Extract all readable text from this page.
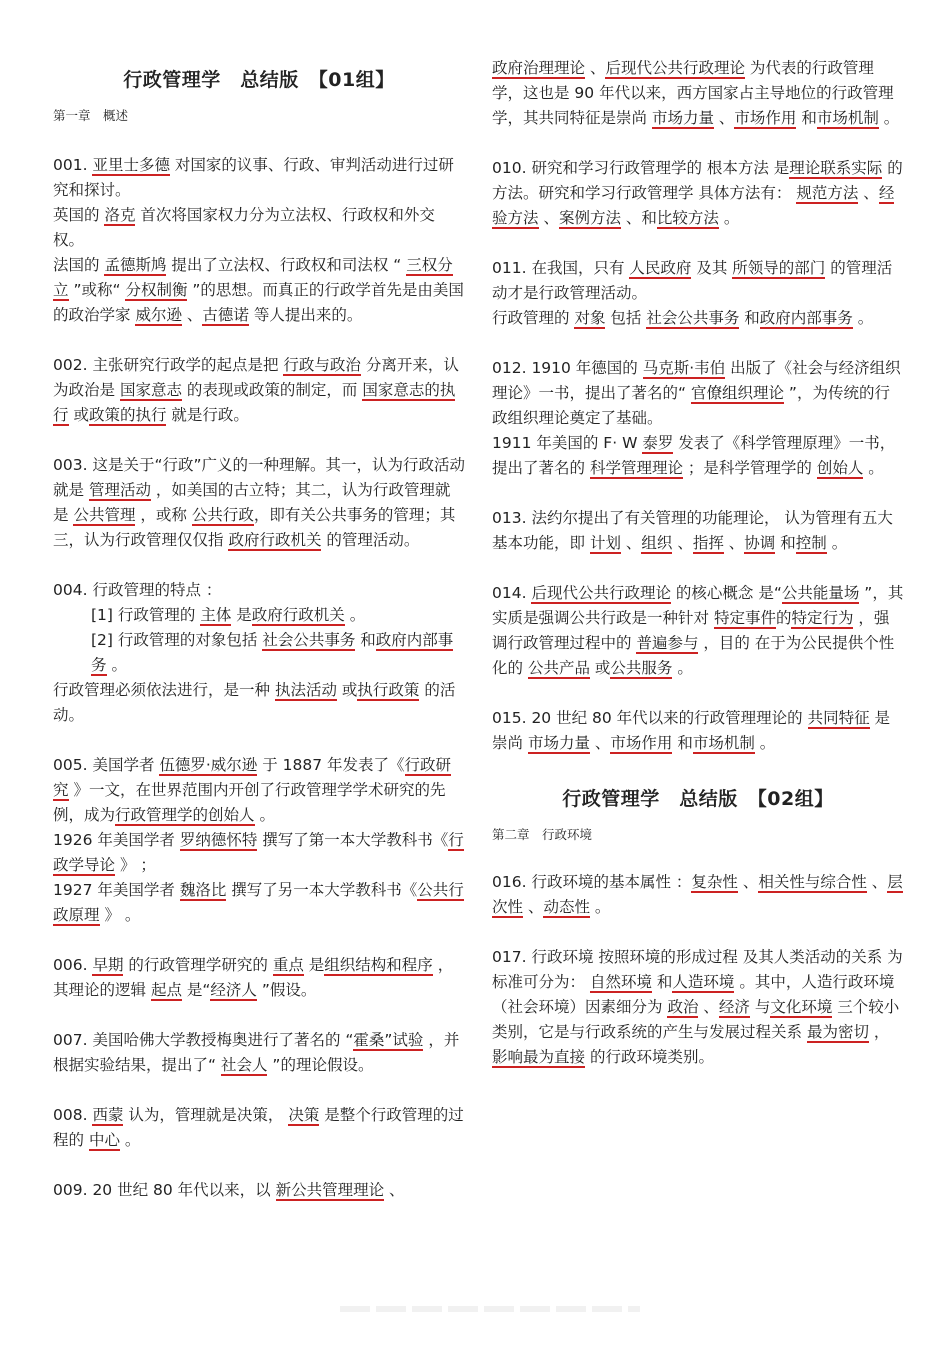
行政管理学　总结版　【01组】
第一章　概述

001. 亚里士多德 对国家的议事、行政、审判活动进行过研究和探讨。

英国的 洛克 首次将国家权力分为立法权、行政权和外交权。

法国的 孟德斯鸠 提出了立法权、行政权和司法权 “ 三权分立 ”或称“ 分权制衡 ”的思想。而真正的行政学首先是由美国的政治学家 威尔逊 、古德诺 等人提出来的。

002. 主张研究行政学的起点是把 行政与政治 分离开来，认为政治是 国家意志 的表现或政策的制定，而 国家意志的执行 或政策的执行 就是行政。

003. 这是关于“行政”广义的一种理解。其一，认为行政活动就是 管理活动 ，如美国的古立特；其二，认为行政管理就是 公共管理 ，或称 公共行政，即有关公共事务的管理；其三，认为行政管理仅仅指 政府行政机关 的管理活动。

004. 行政管理的特点 ：

[1] 行政管理的 主体 是政府行政机关 。

[2] 行政管理的对象包括 社会公共事务 和政府内部事务 。

行政管理必须依法进行，是一种 执法活动 或执行政策 的活动。

005. 美国学者 伍德罗·威尔逊 于 1887 年发表了《行政研究 》一文，在世界范围内开创了行政管理学学术研究的先例，成为行政管理学的创始人 。

1926 年美国学者 罗纳德怀特 撰写了第一本大学教科书《行政学导论 》 ；

1927 年美国学者 魏洛比 撰写了另一本大学教科书《公共行政原理 》 。

006. 早期 的行政管理学研究的 重点 是组织结构和程序 ，其理论的逻辑 起点 是“经济人 ”假设。

007. 美国哈佛大学教授梅奥进行了著名的 “霍桑”试验 ，并根据实验结果，提出了“ 社会人 ”的理论假设。

008. 西蒙 认为，管理就是决策， 决策 是整个行政管理的过程的 中心 。

009. 20 世纪 80 年代以来，以 新公共管理理论 、

政府治理理论 、后现代公共行政理论 为代表的行政管理学，这也是 90 年代以来，西方国家占主导地位的行政管理学，其共同特征是崇尚 市场力量 、市场作用 和市场机制 。

010. 研究和学习行政管理学的 根本方法 是理论联系实际 的方法。研究和学习行政管理学 具体方法有： 规范方法 、经验方法 、案例方法 、和比较方法 。

011. 在我国，只有 人民政府 及其 所领导的部门 的管理活动才是行政管理活动。

行政管理的 对象 包括 社会公共事务 和政府内部事务 。

012. 1910 年德国的 马克斯·韦伯 出版了《社会与经济组织理论》一书，提出了著名的“ 官僚组织理论 ”，为传统的行政组织理论奠定了基础。

1911 年美国的 F· W 泰罗 发表了《科学管理原理》一书，提出了著名的 科学管理理论 ；是科学管理学的 创始人 。

013. 法约尔提出了有关管理的功能理论， 认为管理有五大基本功能，即 计划 、组织 、指挥 、协调 和控制 。

014. 后现代公共行政理论 的核心概念 是“公共能量场 ”，其实质是强调公共行政是一种针对 特定事件的特定行为 ，强调行政管理过程中的 普遍参与 ，目的 在于为公民提供个性化的 公共产品 或公共服务 。

015. 20 世纪 80 年代以来的行政管理理论的 共同特征 是崇尚 市场力量 、市场作用 和市场机制 。

行政管理学　总结版　【02组】
第二章　行政环境

016. 行政环境的基本属性 ：复杂性 、相关性与综合性 、层次性 、动态性 。

017. 行政环境 按照环境的形成过程 及其人类活动的关系 为标准可分为： 自然环境 和人造环境 。其中，人造行政环境（社会环境）因素细分为 政治 、经济 与文化环境 三个较小类别，它是与行政系统的产生与发展过程关系 最为密切 ，影响最为直接 的行政环境类别。
